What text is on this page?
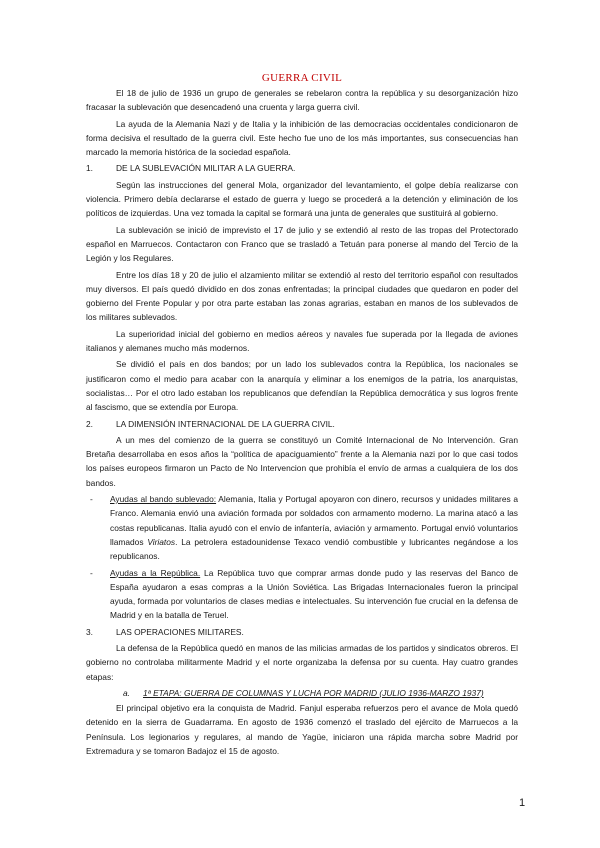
GUERRA CIVIL

El 18 de julio de 1936 un grupo de generales se rebelaron contra la república y su desorganización hizo fracasar la sublevación que desencadenó una cruenta y larga guerra civil.

La ayuda de la Alemania Nazi y de Italia y la inhibición de las democracias occidentales condicionaron de forma decisiva el resultado de la guerra civil. Este hecho fue uno de los más importantes, sus consecuencias han marcado la memoria histórica de la sociedad española.

1.	DE LA SUBLEVACIÓN MILITAR A LA GUERRA.

Según las instrucciones del general Mola, organizador del levantamiento, el golpe debía realizarse con violencia. Primero debía declararse el estado de guerra y luego se procederá a la detención y eliminación de los políticos de izquierdas. Una vez tomada la capital se formará una junta de generales que sustituirá al gobierno.

La sublevación se inició de imprevisto el 17 de julio y se extendió al resto de las tropas del Protectorado español en Marruecos. Contactaron con Franco que se trasladó a Tetuán para ponerse al mando del Tercio de la Legión y los Regulares.

Entre los días 18 y 20 de julio el alzamiento militar se extendió al resto del territorio español con resultados muy diversos. El país quedó dividido en dos zonas enfrentadas; la principal ciudades que quedaron en poder del gobierno del Frente Popular y por otra parte estaban las zonas agrarias, estaban en manos de los sublevados de los militares sublevados.

La superioridad inicial del gobierno en medios aéreos y navales fue superada por la llegada de aviones italianos y alemanes mucho más modernos.

Se dividió el país en dos bandos; por un lado los sublevados contra la República, los nacionales se justificaron como el medio para acabar con la anarquía y eliminar a los enemigos de la patria, los anarquistas, socialistas… Por el otro lado estaban los republicanos que defendían la República democrática y sus logros frente al fascismo, que se extendía por Europa.

2.	LA DIMENSIÓN INTERNACIONAL DE LA GUERRA CIVIL.

A un mes del comienzo de la guerra se constituyó un Comité Internacional de No Intervención. Gran Bretaña desarrollaba en esos años la “política de apaciguamiento” frente a la Alemania nazi por lo que casi todos los países europeos firmaron un Pacto de No Intervencion que prohibía el envío de armas a cualquiera de los dos bandos.

-	Ayudas al bando sublevado: Alemania, Italia y Portugal apoyaron con dinero, recursos y unidades militares a Franco. Alemania envió una aviación formada por soldados con armamento moderno. La marina atacó a las costas republicanas. Italia ayudó con el envío de infantería, aviación y armamento. Portugal envió voluntarios llamados Viriatos. La petrolera estadounidense Texaco vendió combustible y lubricantes negándose a los republicanos.
-	Ayudas a la República. La República tuvo que comprar armas donde pudo y las reservas del Banco de España ayudaron a esas compras a la Unión Soviética. Las Brigadas Internacionales fueron la principal ayuda, formada por voluntarios de clases medias e intelectuales. Su intervención fue crucial en la defensa de Madrid y en la batalla de Teruel.
3.	LAS OPERACIONES MILITARES.

La defensa de la República quedó en manos de las milicias armadas de los partidos y sindicatos obreros. El gobierno no controlaba militarmente Madrid y el norte organizaba la defensa por su cuenta. Hay cuatro grandes etapas:

a.	1ª ETAPA: GUERRA DE COLUMNAS Y LUCHA POR MADRID (JULIO 1936-MARZO 1937)

El principal objetivo era la conquista de Madrid. Fanjul esperaba refuerzos pero el avance de Mola quedó detenido en la sierra de Guadarrama. En agosto de 1936 comenzó el traslado del ejército de Marruecos a la Península. Los legionarios y regulares, al mando de Yagüe, iniciaron una rápida marcha sobre Madrid por Extremadura y se tomaron Badajoz el 15 de agosto.

1
